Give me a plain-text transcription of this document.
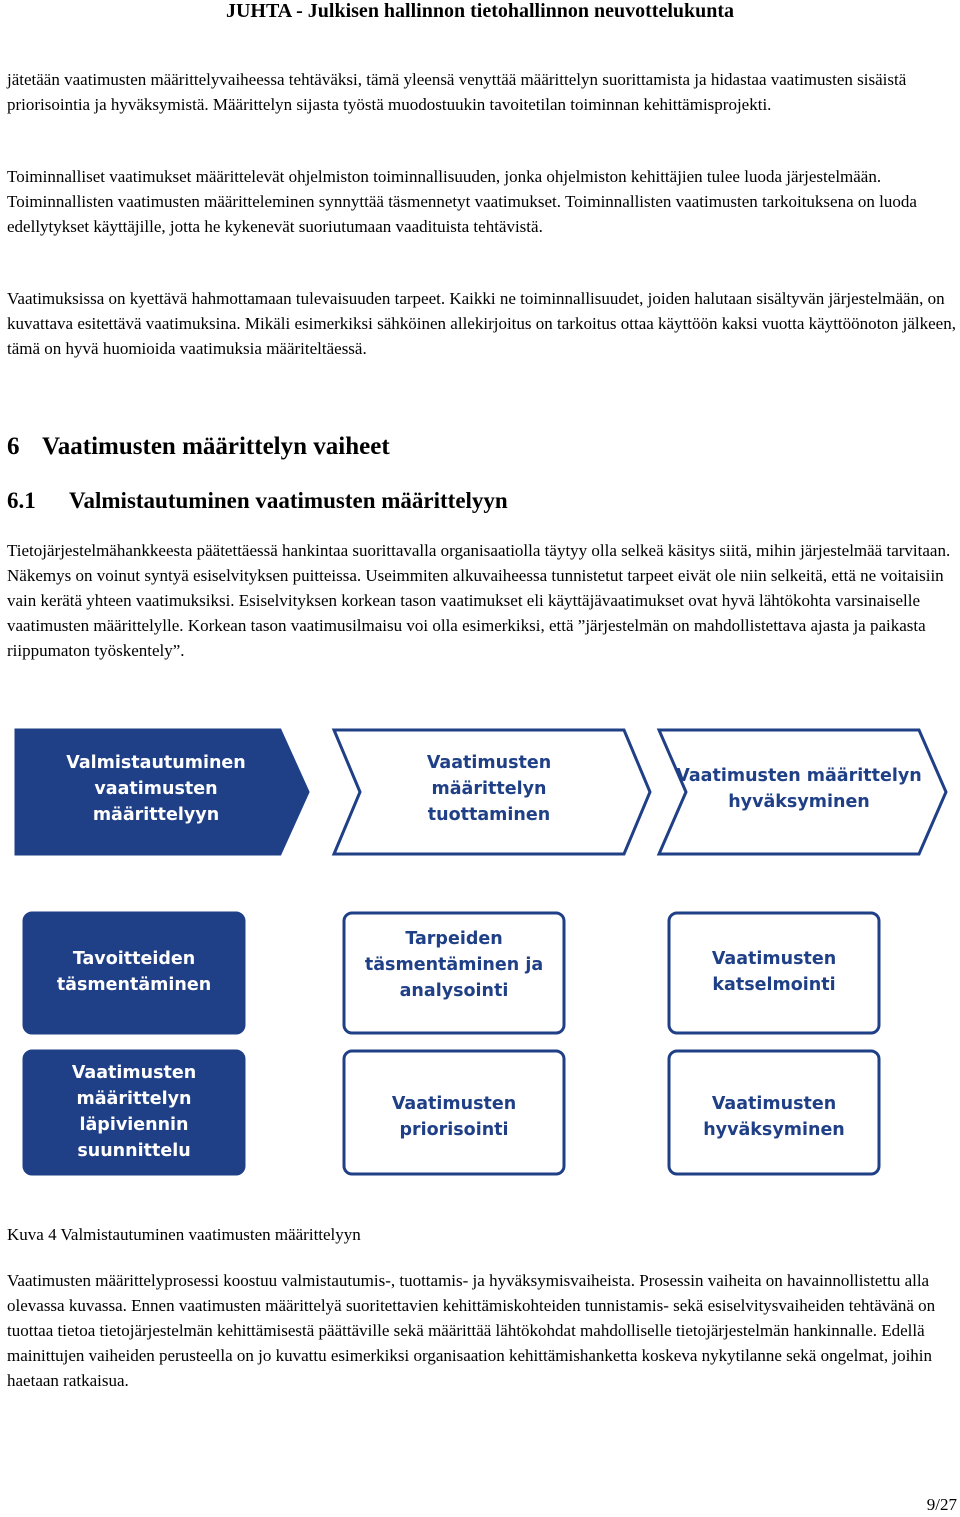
JUHTA - Julkisen hallinnon tietohallinnon neuvottelukunta

jätetään vaatimusten määrittelyvaiheessa tehtäväksi, tämä yleensä venyttää määrittelyn suorittamista ja hidastaa vaatimusten sisäistä priorisointia ja hyväksymistä. Määrittelyn sijasta työstä muodostuukin tavoitetilan toiminnan kehittämisprojekti.

Toiminnalliset vaatimukset määrittelevät ohjelmiston toiminnallisuuden, jonka ohjelmiston kehittäjien tulee luoda järjestelmään. Toiminnallisten vaatimusten määritteleminen synnyttää täsmennetyt vaatimukset. Toiminnallisten vaatimusten tarkoituksena on luoda edellytykset käyttäjille, jotta he kykenevät suoriutumaan vaadituista tehtävistä.

Vaatimuksissa on kyettävä hahmottamaan tulevaisuuden tarpeet. Kaikki ne toiminnallisuudet, joiden halutaan sisältyvän järjestelmään, on kuvattava esitettävä vaatimuksina. Mikäli esimerkiksi sähköinen allekirjoitus on tarkoitus ottaa käyttöön kaksi vuotta käyttöönoton jälkeen, tämä on hyvä huomioida vaatimuksia määriteltäessä.

6 Vaatimusten määrittelyn vaiheet
6.1 Valmistautuminen vaatimusten määrittelyyn

Tietojärjestelmähankkeesta päätettäessä hankintaa suorittavalla organisaatiolla täytyy olla selkeä käsitys siitä, mihin järjestelmää tarvitaan. Näkemys on voinut syntyä esiselvityksen puitteissa. Useimmiten alkuvaiheessa tunnistetut tarpeet eivät ole niin selkeitä, että ne voitaisiin vain kerätä yhteen vaatimuksiksi. Esiselvityksen korkean tason vaatimukset eli käyttäjävaatimukset ovat hyvä lähtökohta varsinaiselle vaatimusten määrittelylle. Korkean tason vaatimusilmaisu voi olla esimerkiksi, että ”järjestelmän on mahdollistettava ajasta ja paikasta riippumaton työskentely”.

Valmistautuminen
vaatimusten
määrittelyyn
Vaatimusten
määrittelyn
tuottaminen
Vaatimusten määrittelyn
hyväksyminen
Tavoitteiden
täsmentäminen
Tarpeiden
täsmentäminen ja
analysointi
Vaatimusten
katselmointi
Vaatimusten
määrittelyn
läpiviennin
suunnittelu
Vaatimusten
priorisointi
Vaatimusten
hyväksyminen

Kuva 4 Valmistautuminen vaatimusten määrittelyyn

Vaatimusten määrittelyprosessi koostuu valmistautumis-, tuottamis- ja hyväksymisvaiheista. Prosessin vaiheita on havainnollistettu alla olevassa kuvassa. Ennen vaatimusten määrittelyä suoritettavien kehittämiskohteiden tunnistamis- sekä esiselvitysvaiheiden tehtävänä on tuottaa tietoa tietojärjestelmän kehittämisestä päättäville sekä määrittää lähtökohdat mahdolliselle tietojärjestelmän hankinnalle. Edellä mainittujen vaiheiden perusteella on jo kuvattu esimerkiksi organisaation kehittämishanketta koskeva nykytilanne sekä ongelmat, joihin haetaan ratkaisua.

9/27
